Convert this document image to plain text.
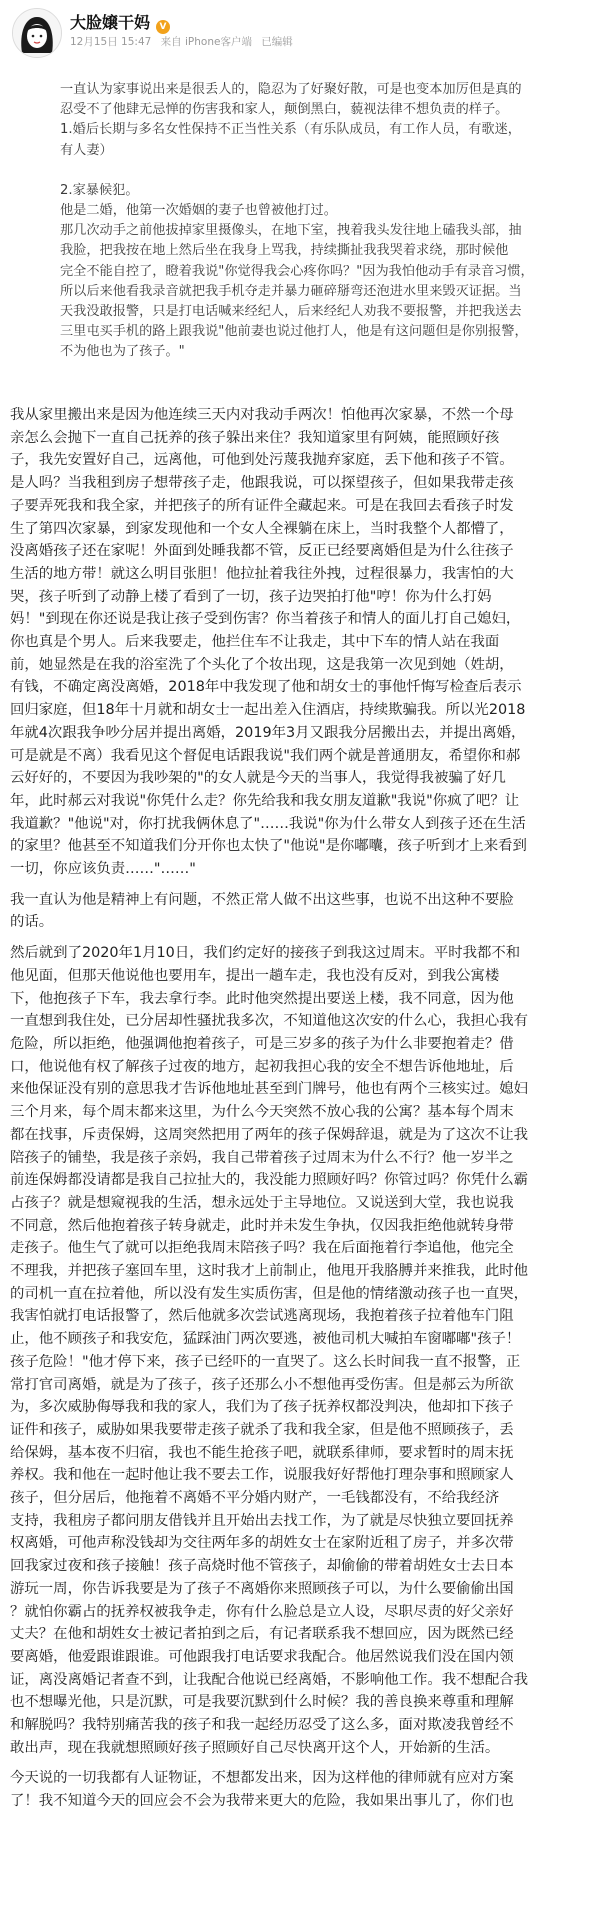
大脸嬢干妈 V
12月15日 15:47 来自 iPhone客户端 已编辑

一直认为家事说出来是很丢人的，隐忍为了好聚好散，可是也变本加厉但是真的

忍受不了他肆无忌惮的伤害我和家人，颠倒黑白，藐视法律不想负责的样子。

1.婚后长期与多名女性保持不正当性关系（有乐队成员，有工作人员，有歌迷，

有人妻）

2.家暴候犯。

他是二婚，他第一次婚姻的妻子也曾被他打过。

那几次动手之前他拔掉家里摄像头，在地下室，拽着我头发往地上磕我头部，抽

我脸，把我按在地上然后坐在我身上骂我，持续撕扯我我哭着求绕，那时候他

完全不能自控了，瞪着我说"你觉得我会心疼你吗？"因为我怕他动手有录音习惯，

所以后来他看我录音就把我手机夺走并暴力砸碎掰弯还泡进水里来毁灭证据。当

天我没敢报警，只是打电话喊来经纪人，后来经纪人劝我不要报警，并把我送去

三里屯买手机的路上跟我说"他前妻也说过他打人，他是有这问题但是你别报警，

不为他也为了孩子。"

我从家里搬出来是因为他连续三天内对我动手两次！怕他再次家暴，不然一个母

亲怎么会抛下一直自己抚养的孩子躲出来住？我知道家里有阿姨，能照顾好孩

子，我先安置好自己，远离他，可他到处污蔑我抛弃家庭，丢下他和孩子不管。

是人吗？当我租到房子想带孩子走，他跟我说，可以探望孩子，但如果我带走孩

子要弄死我和我全家，并把孩子的所有证件全藏起来。可是在我回去看孩子时发

生了第四次家暴，到家发现他和一个女人全裸躺在床上，当时我整个人都懵了，

没离婚孩子还在家呢！外面到处睡我都不管，反正已经要离婚但是为什么往孩子

生活的地方带！就这么明目张胆！他拉扯着我往外拽，过程很暴力，我害怕的大

哭，孩子听到了动静上楼了看到了一切，孩子边哭拍打他"哼！你为什么打妈

妈！"到现在你还说是我让孩子受到伤害？你当着孩子和情人的面儿打自己媳妇，

你也真是个男人。后来我要走，他拦住车不让我走，其中下车的情人站在我面

前，她显然是在我的浴室洗了个头化了个妆出现，这是我第一次见到她（姓胡，

有钱，不确定离没离婚，2018年中我发现了他和胡女士的事他忏悔写检查后表示

回归家庭，但18年十月就和胡女士一起出差入住酒店，持续欺骗我。所以光2018

年就4次跟我争吵分居并提出离婚，2019年3月又跟我分居搬出去，并提出离婚，

可是就是不离）我看见这个督促电话跟我说"我们两个就是普通朋友，希望你和郝

云好好的，不要因为我吵架的"的女人就是今天的当事人，我觉得我被骗了好几

年，此时郝云对我说"你凭什么走？你先给我和我女朋友道歉"我说"你疯了吧？让

我道歉？"他说"对，你打扰我俩休息了"……我说"你为什么带女人到孩子还在生活

的家里？他甚至不知道我们分开你也太快了"他说"是你嘟囔，孩子听到才上来看到

一切，你应该负责……"……"

我一直认为他是精神上有问题，不然正常人做不出这些事，也说不出这种不要脸

的话。

然后就到了2020年1月10日，我们约定好的接孩子到我这过周末。平时我都不和

他见面，但那天他说他也要用车，提出一趟车走，我也没有反对，到我公寓楼

下，他抱孩子下车，我去拿行李。此时他突然提出要送上楼，我不同意，因为他

一直想到我住处，已分居却性骚扰我多次，不知道他这次安的什么心，我担心我有

危险，所以拒绝，他强调他抱着孩子，可是三岁多的孩子为什么非要抱着走？借

口，他说他有权了解孩子过夜的地方，起初我担心我的安全不想告诉他地址，后

来他保证没有别的意思我才告诉他地址甚至到门牌号，他也有两个三核实过。媳妇

三个月来，每个周末都来这里，为什么今天突然不放心我的公寓？基本每个周末

都在找事，斥责保姆，这周突然把用了两年的孩子保姆辞退，就是为了这次不让我

陪孩子的铺垫，我是孩子亲妈，我自己带着孩子过周末为什么不行？他一岁半之

前连保姆都没请都是我自己拉扯大的，我没能力照顾好吗？你管过吗？你凭什么霸

占孩子？就是想窥视我的生活，想永远处于主导地位。又说送到大堂，我也说我

不同意，然后他抱着孩子转身就走，此时并未发生争执，仅因我拒绝他就转身带

走孩子。他生气了就可以拒绝我周末陪孩子吗？我在后面拖着行李追他，他完全

不理我，并把孩子塞回车里，这时我才上前制止，他甩开我胳膊并来推我，此时他

的司机一直在拉着他，所以没有发生实质伤害，但是他的情绪激动孩子也一直哭，

我害怕就打电话报警了，然后他就多次尝试逃离现场，我抱着孩子拉着他车门阻

止，他不顾孩子和我安危，猛踩油门两次要逃，被他司机大喊拍车窗嘟嘟"孩子！

孩子危险！"他才停下来，孩子已经吓的一直哭了。这么长时间我一直不报警，正

常打官司离婚，就是为了孩子，孩子还那么小不想他再受伤害。但是郝云为所欲

为，多次威胁侮辱我和我的家人，我们为了孩子抚养权都没判决，他却扣下孩子

证件和孩子，威胁如果我要带走孩子就杀了我和我全家，但是他不照顾孩子，丢

给保姆，基本夜不归宿，我也不能生抢孩子吧，就联系律师，要求暂时的周末抚

养权。我和他在一起时他让我不要去工作，说服我好好帮他打理杂事和照顾家人

孩子，但分居后，他拖着不离婚不平分婚内财产，一毛钱都没有，不给我经济

支持，我租房子都问朋友借钱并且开始出去找工作，为了就是尽快独立要回抚养

权离婚，可他声称没钱却为交往两年多的胡姓女士在家附近租了房子，并多次带

回我家过夜和孩子接触！孩子高烧时他不管孩子，却偷偷的带着胡姓女士去日本

游玩一周，你告诉我要是为了孩子不离婚你来照顾孩子可以，为什么要偷偷出国

？就怕你霸占的抚养权被我争走，你有什么脸总是立人设，尽职尽责的好父亲好

丈夫？在他和胡姓女士被记者拍到之后，有记者联系我不想回应，因为既然已经

要离婚，他爱跟谁跟谁。可他跟我打电话要求我配合。他居然说我们没在国内领

证，离没离婚记者查不到，让我配合他说已经离婚，不影响他工作。我不想配合我

也不想曝光他，只是沉默，可是我要沉默到什么时候？我的善良换来尊重和理解

和解脱吗？我特别痛苦我的孩子和我一起经历忍受了这么多，面对欺凌我曾经不

敢出声，现在我就想照顾好孩子照顾好自己尽快离开这个人，开始新的生活。

今天说的一切我都有人证物证，不想都发出来，因为这样他的律师就有应对方案

了！我不知道今天的回应会不会为我带来更大的危险，我如果出事儿了，你们也
